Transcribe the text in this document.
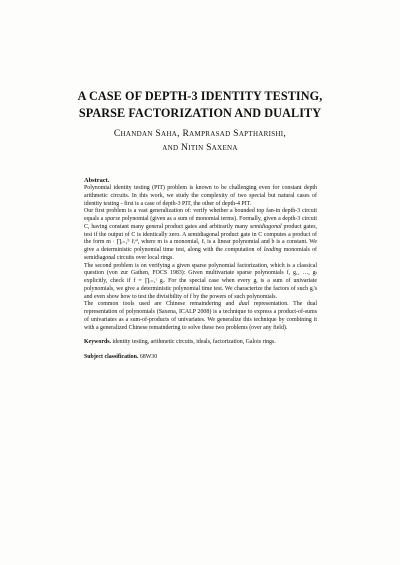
A CASE OF DEPTH-3 IDENTITY TESTING,
SPARSE FACTORIZATION AND DUALITY
Chandan Saha, Ramprasad Saptharishi,
and Nitin Saxena

Abstract.

Polynomial identity testing (PIT) problem is known to be challenging even for constant depth arithmetic circuits. In this work, we study the complexity of two special but natural cases of identity testing - first is a case of depth-3 PIT, the other of depth-4 PIT.

Our first problem is a vast generalization of: verify whether a bounded top fan-in depth-3 circuit equals a sparse polynomial (given as a sum of monomial terms). Formally, given a depth-3 circuit C, having constant many general product gates and arbitrarily many semidiagonal product gates, test if the output of C is identically zero. A semidiagonal product gate in C computes a product of the form m · ∏ᵢ₌₁ᵇ ℓᵢᵉⁱ, where m is a monomial, ℓᵢ is a linear polynomial and b is a constant. We give a deterministic polynomial time test, along with the computation of leading monomials of semidiagonal circuits over local rings.

The second problem is on verifying a given sparse polynomial factorization, which is a classical question (von zur Gathen, FOCS 1983): Given multivariate sparse polynomials f, g₁, …, gₜ explicitly, check if f = ∏ᵢ₌₁ᵗ gᵢ. For the special case when every gᵢ is a sum of univariate polynomials, we give a deterministic polynomial time test. We characterize the factors of such gᵢ's and even show how to test the divisibility of f by the powers of such polynomials.

The common tools used are Chinese remaindering and dual representation. The dual representation of polynomials (Saxena, ICALP 2008) is a technique to express a product-of-sums of univariates as a sum-of-products of univariates. We generalize this technique by combining it with a generalized Chinese remaindering to solve these two problems (over any field).

Keywords. identity testing, arithmetic circuits, ideals, factorization, Galois rings.

Subject classification. 68W30
